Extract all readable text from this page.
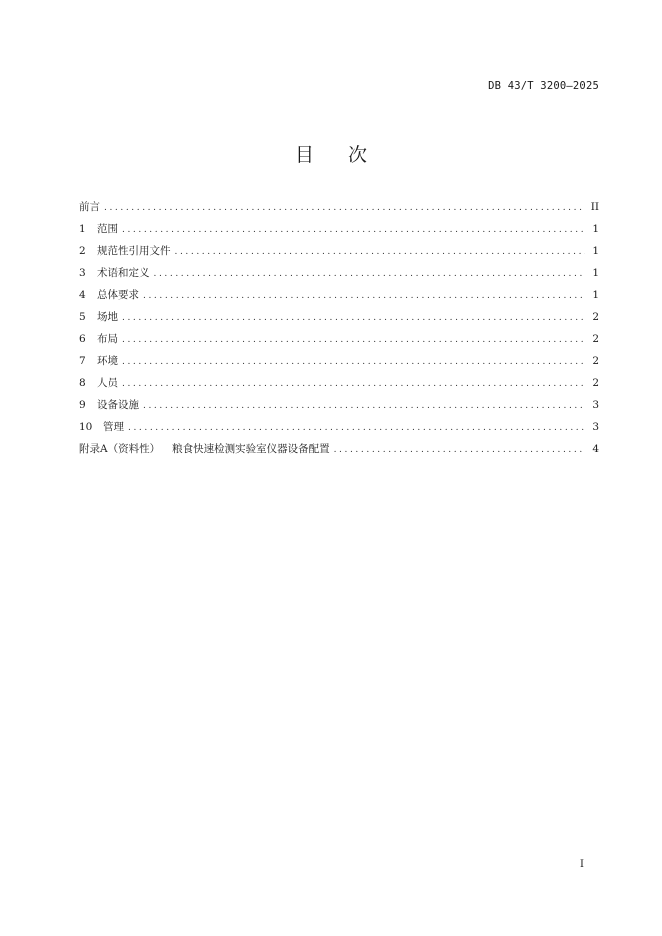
DB 43/T 3200—2025
目 次
前言 .....	II
1	范围 .....	1
2	规范性引用文件 .....	1
3	术语和定义 .....	1
4	总体要求 .....	1
5	场地 .....	2
6	布局 .....	2
7	环境 .....	2
8	人员 .....	2
9	设备设施 .....	3
10	管理 .....	3
附录A（资料性） 粮食快速检测实验室仪器设备配置 .....	4
I
